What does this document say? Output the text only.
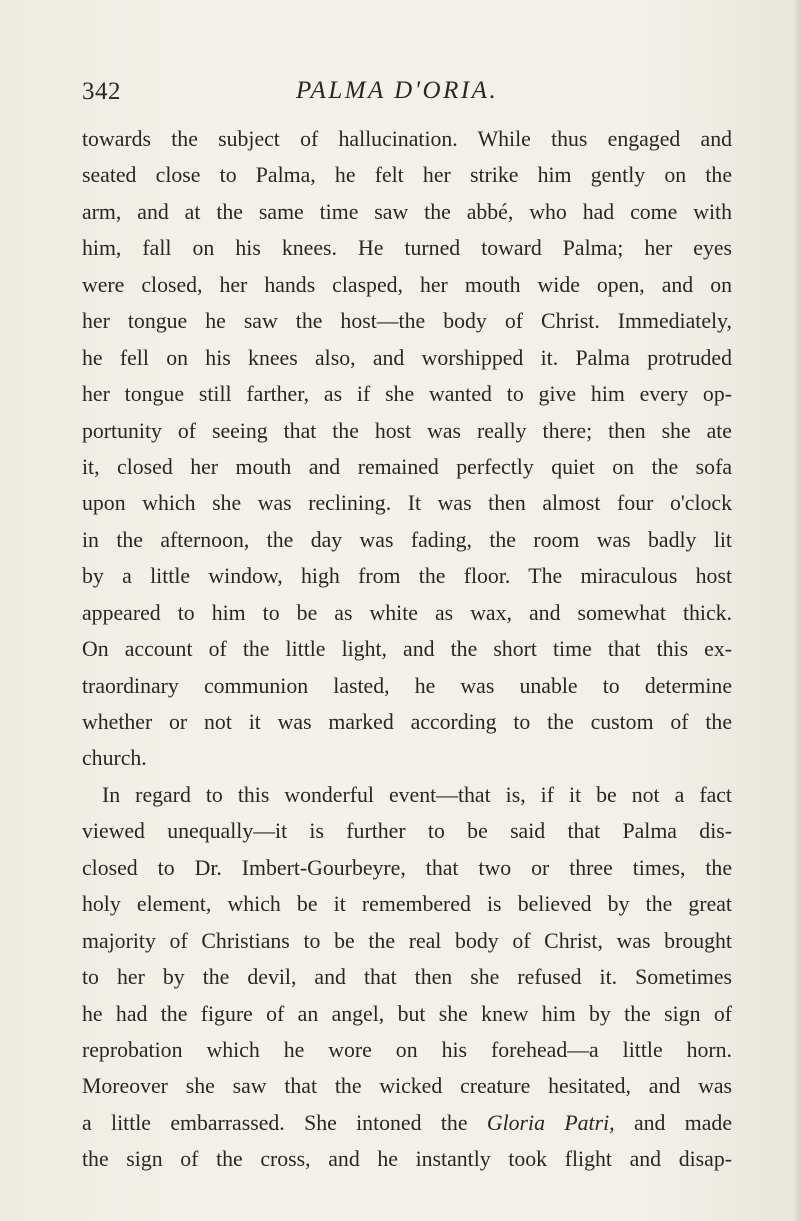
342	PALMA D'ORIA.
towards the subject of hallucination. While thus engaged and
seated close to Palma, he felt her strike him gently on the
arm, and at the same time saw the abbé, who had come with
him, fall on his knees. He turned toward Palma; her eyes
were closed, her hands clasped, her mouth wide open, and on
her tongue he saw the host—the body of Christ. Immediately,
he fell on his knees also, and worshipped it. Palma protruded
her tongue still farther, as if she wanted to give him every op-
portunity of seeing that the host was really there; then she ate
it, closed her mouth and remained perfectly quiet on the sofa
upon which she was reclining. It was then almost four o'clock
in the afternoon, the day was fading, the room was badly lit
by a little window, high from the floor. The miraculous host
appeared to him to be as white as wax, and somewhat thick.
On account of the little light, and the short time that this ex-
traordinary communion lasted, he was unable to determine
whether or not it was marked according to the custom of the
church.
In regard to this wonderful event—that is, if it be not a fact
viewed unequally—it is further to be said that Palma dis-
closed to Dr. Imbert-Gourbeyre, that two or three times, the
holy element, which be it remembered is believed by the great
majority of Christians to be the real body of Christ, was brought
to her by the devil, and that then she refused it. Sometimes
he had the figure of an angel, but she knew him by the sign of
reprobation which he wore on his forehead—a little horn.
Moreover she saw that the wicked creature hesitated, and was
a little embarrassed. She intoned the Gloria Patri, and made
the sign of the cross, and he instantly took flight and disap-
